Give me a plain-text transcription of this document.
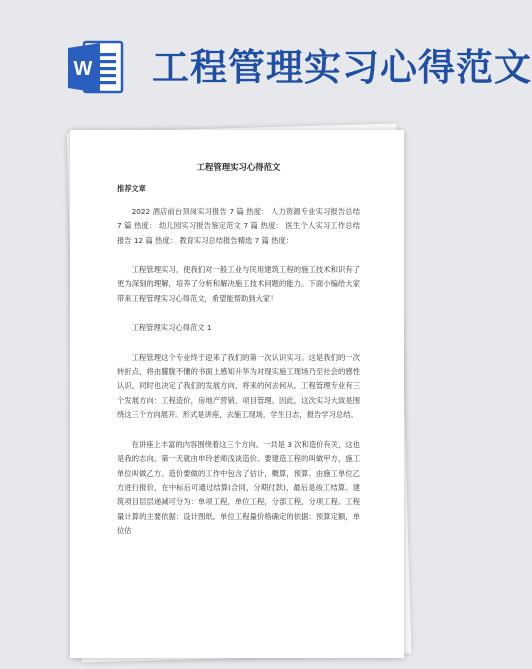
W 工程管理实习心得范文
工程管理实习心得范文
推荐文章
2022 酒店前台顶岗实习报告 7 篇 热度： 人力资源专业实习报告总结 7 篇 热度： 幼儿园实习报告鉴定范文 7 篇 热度： 医生个人实习工作总结报告 12 篇 热度： 教育实习总结报告精选 7 篇 热度：
工程管理实习，使我们对一般工业与民用建筑工程的施工技术和识有了更为深刻的理解，培养了分析和解决施工技术问题的能力。下面小编给大家带来工程管理实习心得范文，希望能帮助到大家！
工程管理实习心得范文 1
工程管理这个专业终于迎来了我们的第一次认识实习。这是我们的一次转折点，将由朦胧不懂的书面上感知升华为对现实施工现场乃至社会的感性认识，同时也决定了我们的发展方向，将来的何去何从。工程管理专业有三个发展方向：工程造价，房地产营销，项目管理。因此，这次实习大致是围绕这三个方向展开。形式是讲座，去施工现场，学生日志，报告学习总结。
在讲座上丰富的内容围绕着这三个方向。一共是 3 次和造价有关，这也是我的志向。第一天就由申玲老师浅谈造价。要建造工程的叫做甲方，施工单位叫做乙方。造价要做的工作中包含了估计，概算，预算。由施工单位乙方进行报价，在中标后可通过结算(合同，分期付款)，最后是竣工结算。建筑项目层层递减可分为：单项工程，单位工程，分部工程，分项工程。工程量计算的主要依据：设计图纸。单位工程量价格确定的依据：预算定额，单位估
